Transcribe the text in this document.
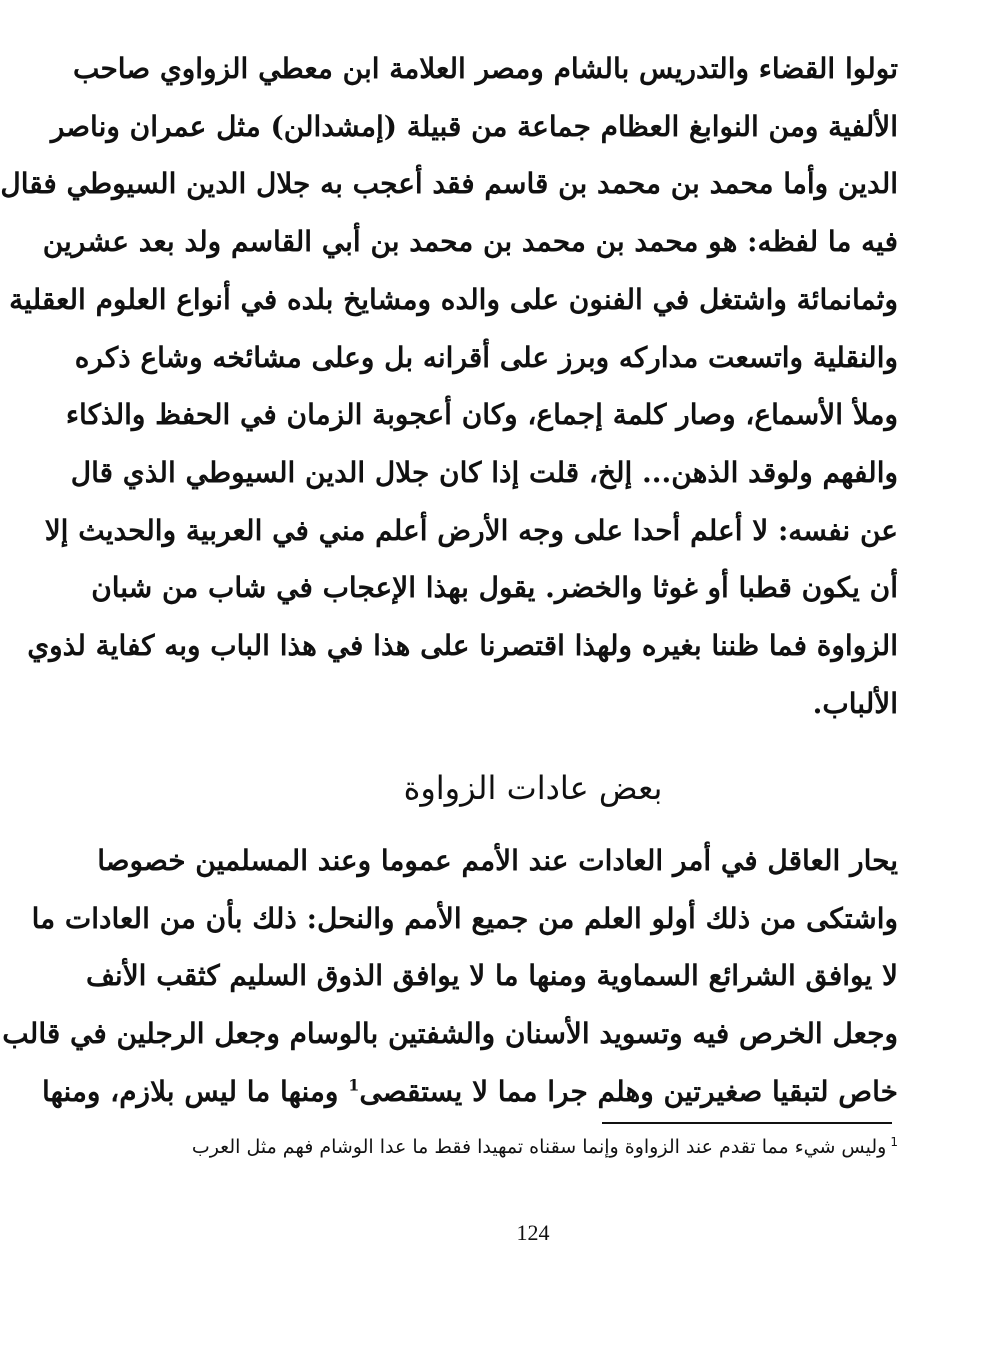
تولوا القضاء والتدريس بالشام ومصر العلامة ابن معطي الزواوي صاحب
الألفية ومن النوابغ العظام جماعة من قبيلة (إمشدالن) مثل عمران وناصر
الدين وأما محمد بن محمد بن قاسم فقد أعجب به جلال الدين السيوطي فقال
فيه ما لفظه: هو محمد بن محمد بن محمد بن أبي القاسم ولد بعد عشرين
وثمانمائة واشتغل في الفنون على والده ومشايخ بلده في أنواع العلوم العقلية
والنقلية واتسعت مداركه وبرز على أقرانه بل وعلى مشائخه وشاع ذكره
وملأ الأسماع، وصار كلمة إجماع، وكان أعجوبة الزمان في الحفظ والذكاء
والفهم ولوقد الذهن... إلخ، قلت إذا كان جلال الدين السيوطي الذي قال
عن نفسه: لا أعلم أحدا على وجه الأرض أعلم مني في العربية والحديث إلا
أن يكون قطبا أو غوثا والخضر. يقول بهذا الإعجاب في شاب من شبان
الزواوة فما ظننا بغيره ولهذا اقتصرنا على هذا في هذا الباب وبه كفاية لذوي
الألباب.
بعض عادات الزواوة
يحار العاقل في أمر العادات عند الأمم عموما وعند المسلمين خصوصا
واشتكى من ذلك أولو العلم من جميع الأمم والنحل: ذلك بأن من العادات ما
لا يوافق الشرائع السماوية ومنها ما لا يوافق الذوق السليم كثقب الأنف
وجعل الخرص فيه وتسويد الأسنان والشفتين بالوسام وجعل الرجلين في قالب
خاص لتبقيا صغيرتين وهلم جرا مما لا يستقصى$^1$ ومنها ما ليس بلازم، ومنها
$^1$وليس شيء مما تقدم عند الزواوة وإنما سقناه تمهيدا فقط ما عدا الوشام فهم مثل العرب
124
